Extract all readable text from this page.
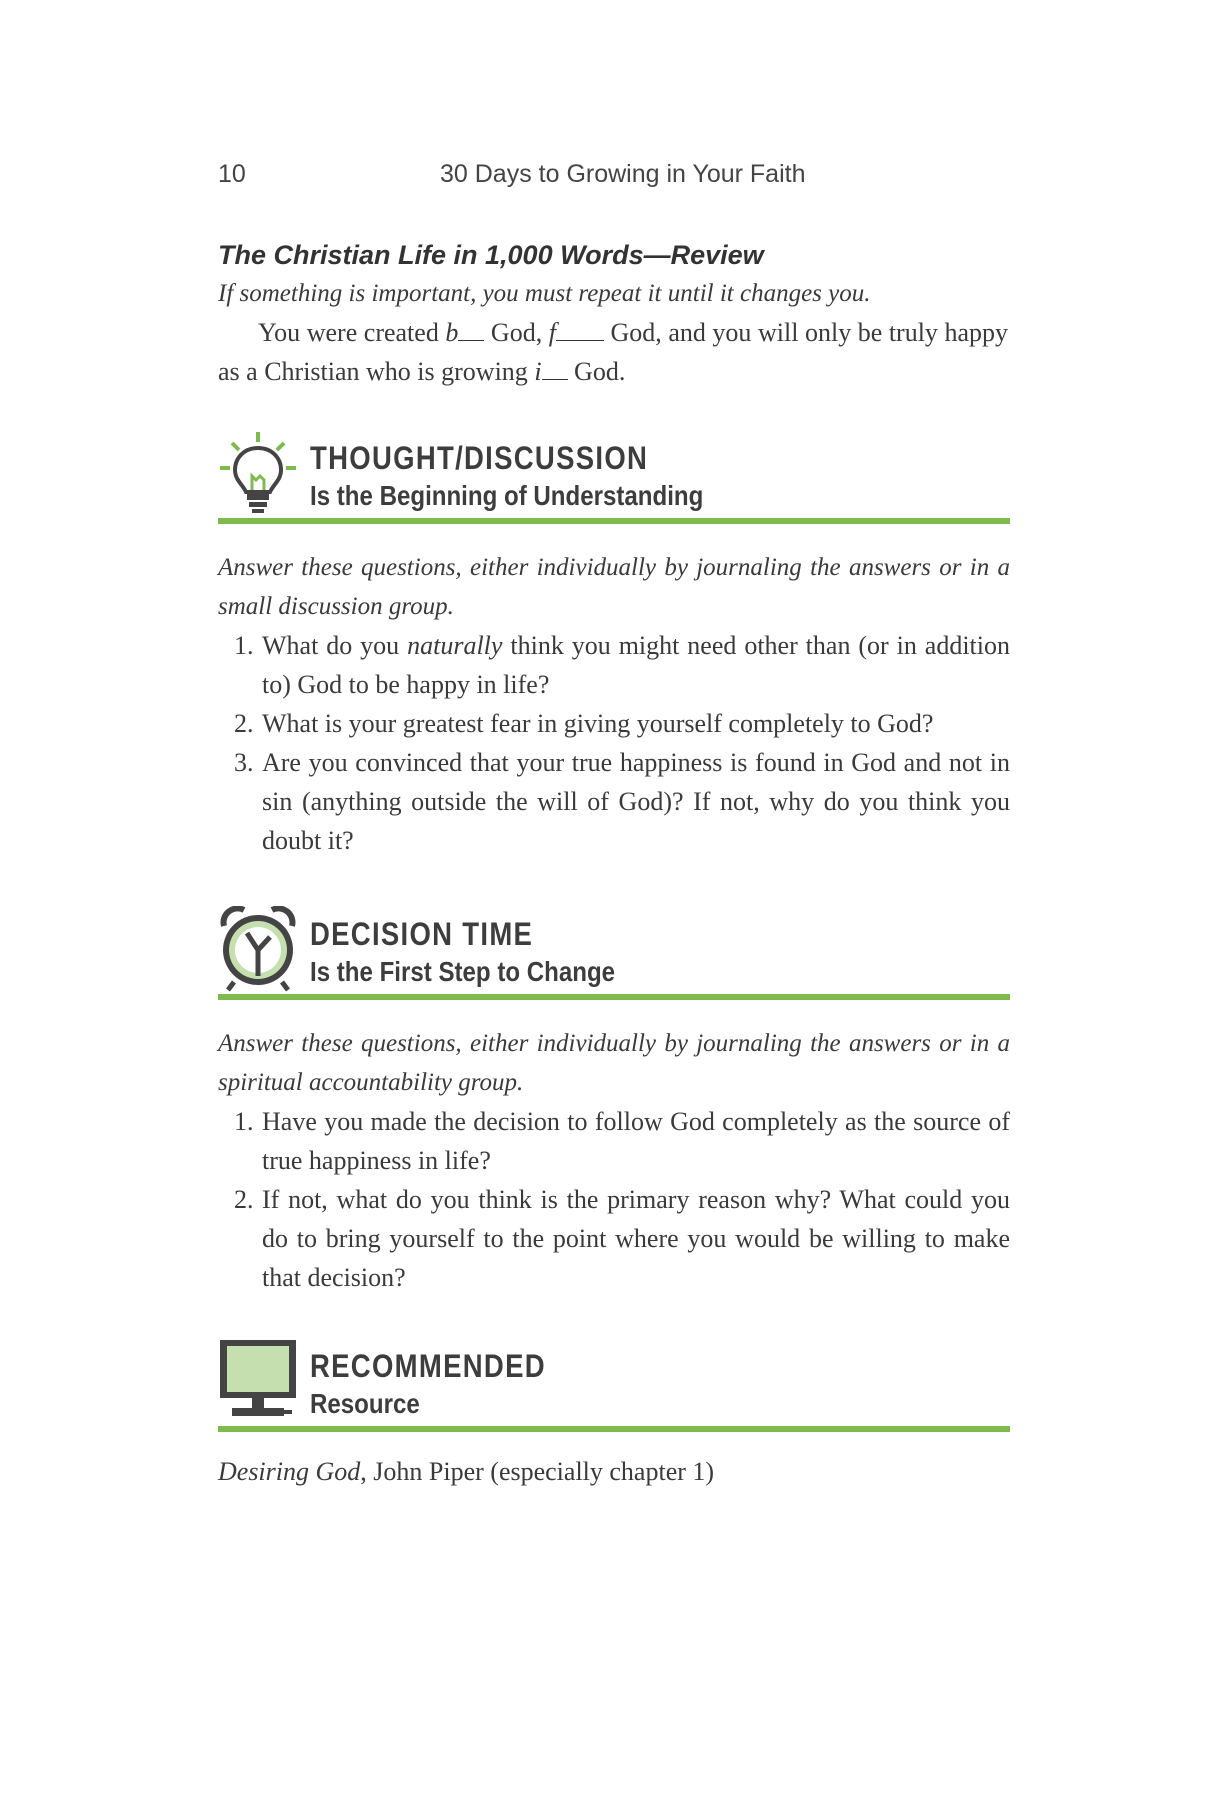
10	30 Days to Growing in Your Faith
The Christian Life in 1,000 Words—Review

If something is important, you must repeat it until it changes you.

You were created b God, f God, and you will only be truly happy as a Christian who is growing i God.

THOUGHT/DISCUSSION
Is the Beginning of Understanding

Answer these questions, either individually by journaling the answers or in a small discussion group.

1. What do you naturally think you might need other than (or in addition to) God to be happy in life?
2. What is your greatest fear in giving yourself completely to God?
3. Are you convinced that your true happiness is found in God and not in sin (anything outside the will of God)? If not, why do you think you doubt it?
DECISION TIME
Is the First Step to Change

Answer these questions, either individually by journaling the answers or in a spiritual accountability group.

1. Have you made the decision to follow God completely as the source of true happiness in life?
2. If not, what do you think is the primary reason why? What could you do to bring yourself to the point where you would be willing to make that decision?
RECOMMENDED
Resource

Desiring God, John Piper (especially chapter 1)
